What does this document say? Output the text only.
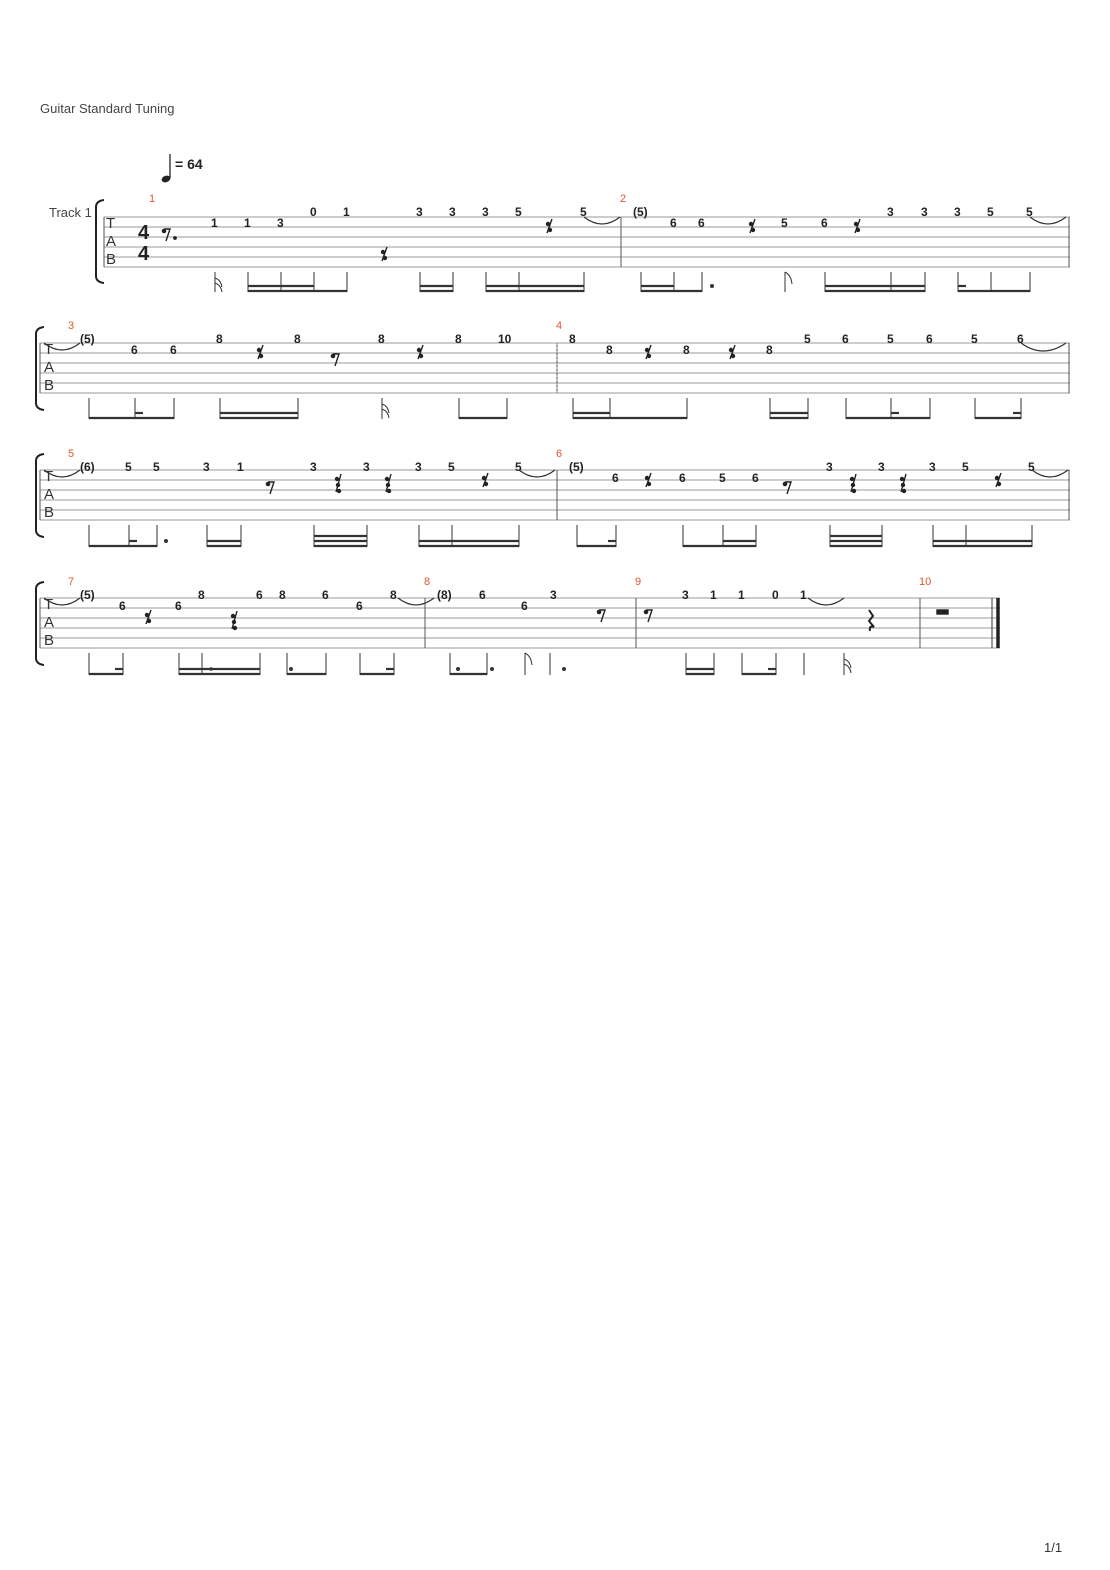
Guitar Standard Tuning
= 64
Track 1
T
A
B
4
4
1	2
1 1 3
0 1	3 3 3 5	5	(5)
6 6	5	6
3 3 3 5	5
T
A
B
3	4
(5)
6	6
8	8	8	8	10	8
8	8	8
5	6	5	6	5	6
T
A
B
5	6
(6)	5 5	3 1	3	3	3 5	5	(5)
6	6	5 6
3	3	3 5	5
T
A
B
7	8	9	10
(5)
6	6
8	6 8	6
6
8	(8) 6
6
3	3 1 1 0 1
1/1
